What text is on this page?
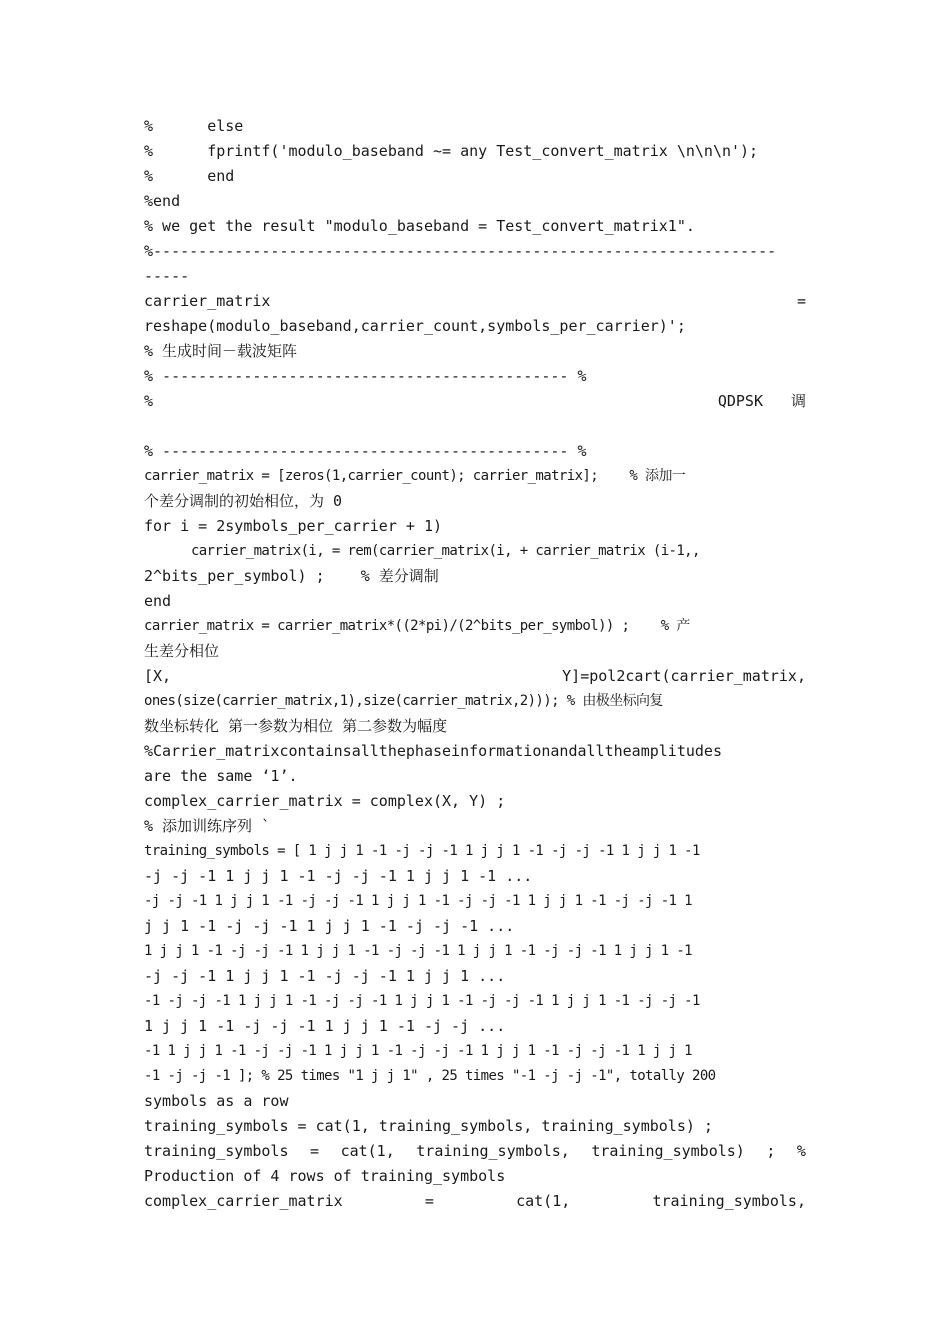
%      else
%      fprintf('modulo_baseband ~= any Test_convert_matrix \n\n\n');
%      end
%end
% we get the result "modulo_baseband = Test_convert_matrix1".
%---------------------------------------------------------------------
-----
carrier_matrix	=
reshape(modulo_baseband,carrier_count,symbols_per_carrier)';
% 生成时间－载波矩阵
% --------------------------------------------- %
%	QDPSK 调

% --------------------------------------------- %
carrier_matrix = [zeros(1,carrier_count); carrier_matrix];    % 添加一
个差分调制的初始相位，为 0
for i = 2symbols_per_carrier + 1)
carrier_matrix(i, = rem(carrier_matrix(i, + carrier_matrix (i-1,,
2^bits_per_symbol) ;    % 差分调制
end
carrier_matrix = carrier_matrix*((2*pi)/(2^bits_per_symbol)) ;    % 产
生差分相位
[X,	Y]=pol2cart(carrier_matrix,
ones(size(carrier_matrix,1),size(carrier_matrix,2))); % 由极坐标向复
数坐标转化 第一参数为相位 第二参数为幅度
%Carrier_matrixcontainsallthephaseinformationandalltheamplitudes
are the same ‘1’.
complex_carrier_matrix = complex(X, Y) ;
% 添加训练序列 `
training_symbols = [ 1 j j 1 -1 -j -j -1 1 j j 1 -1 -j -j -1 1 j j 1 -1
-j -j -1 1 j j 1 -1 -j -j -1 1 j j 1 -1 ...
-j -j -1 1 j j 1 -1 -j -j -1 1 j j 1 -1 -j -j -1 1 j j 1 -1 -j -j -1 1
j j 1 -1 -j -j -1 1 j j 1 -1 -j -j -1 ...
1 j j 1 -1 -j -j -1 1 j j 1 -1 -j -j -1 1 j j 1 -1 -j -j -1 1 j j 1 -1
-j -j -1 1 j j 1 -1 -j -j -1 1 j j 1 ...
-1 -j -j -1 1 j j 1 -1 -j -j -1 1 j j 1 -1 -j -j -1 1 j j 1 -1 -j -j -1
1 j j 1 -1 -j -j -1 1 j j 1 -1 -j -j ...
-1 1 j j 1 -1 -j -j -1 1 j j 1 -1 -j -j -1 1 j j 1 -1 -j -j -1 1 j j 1
-1 -j -j -1 ]; % 25 times "1 j j 1" , 25 times "-1 -j -j -1", totally 200
symbols as a row
training_symbols = cat(1, training_symbols, training_symbols) ;
training_symbols = cat(1, training_symbols, training_symbols) ; %
Production of 4 rows of training_symbols
complex_carrier_matrix	=	cat(1,	training_symbols,
